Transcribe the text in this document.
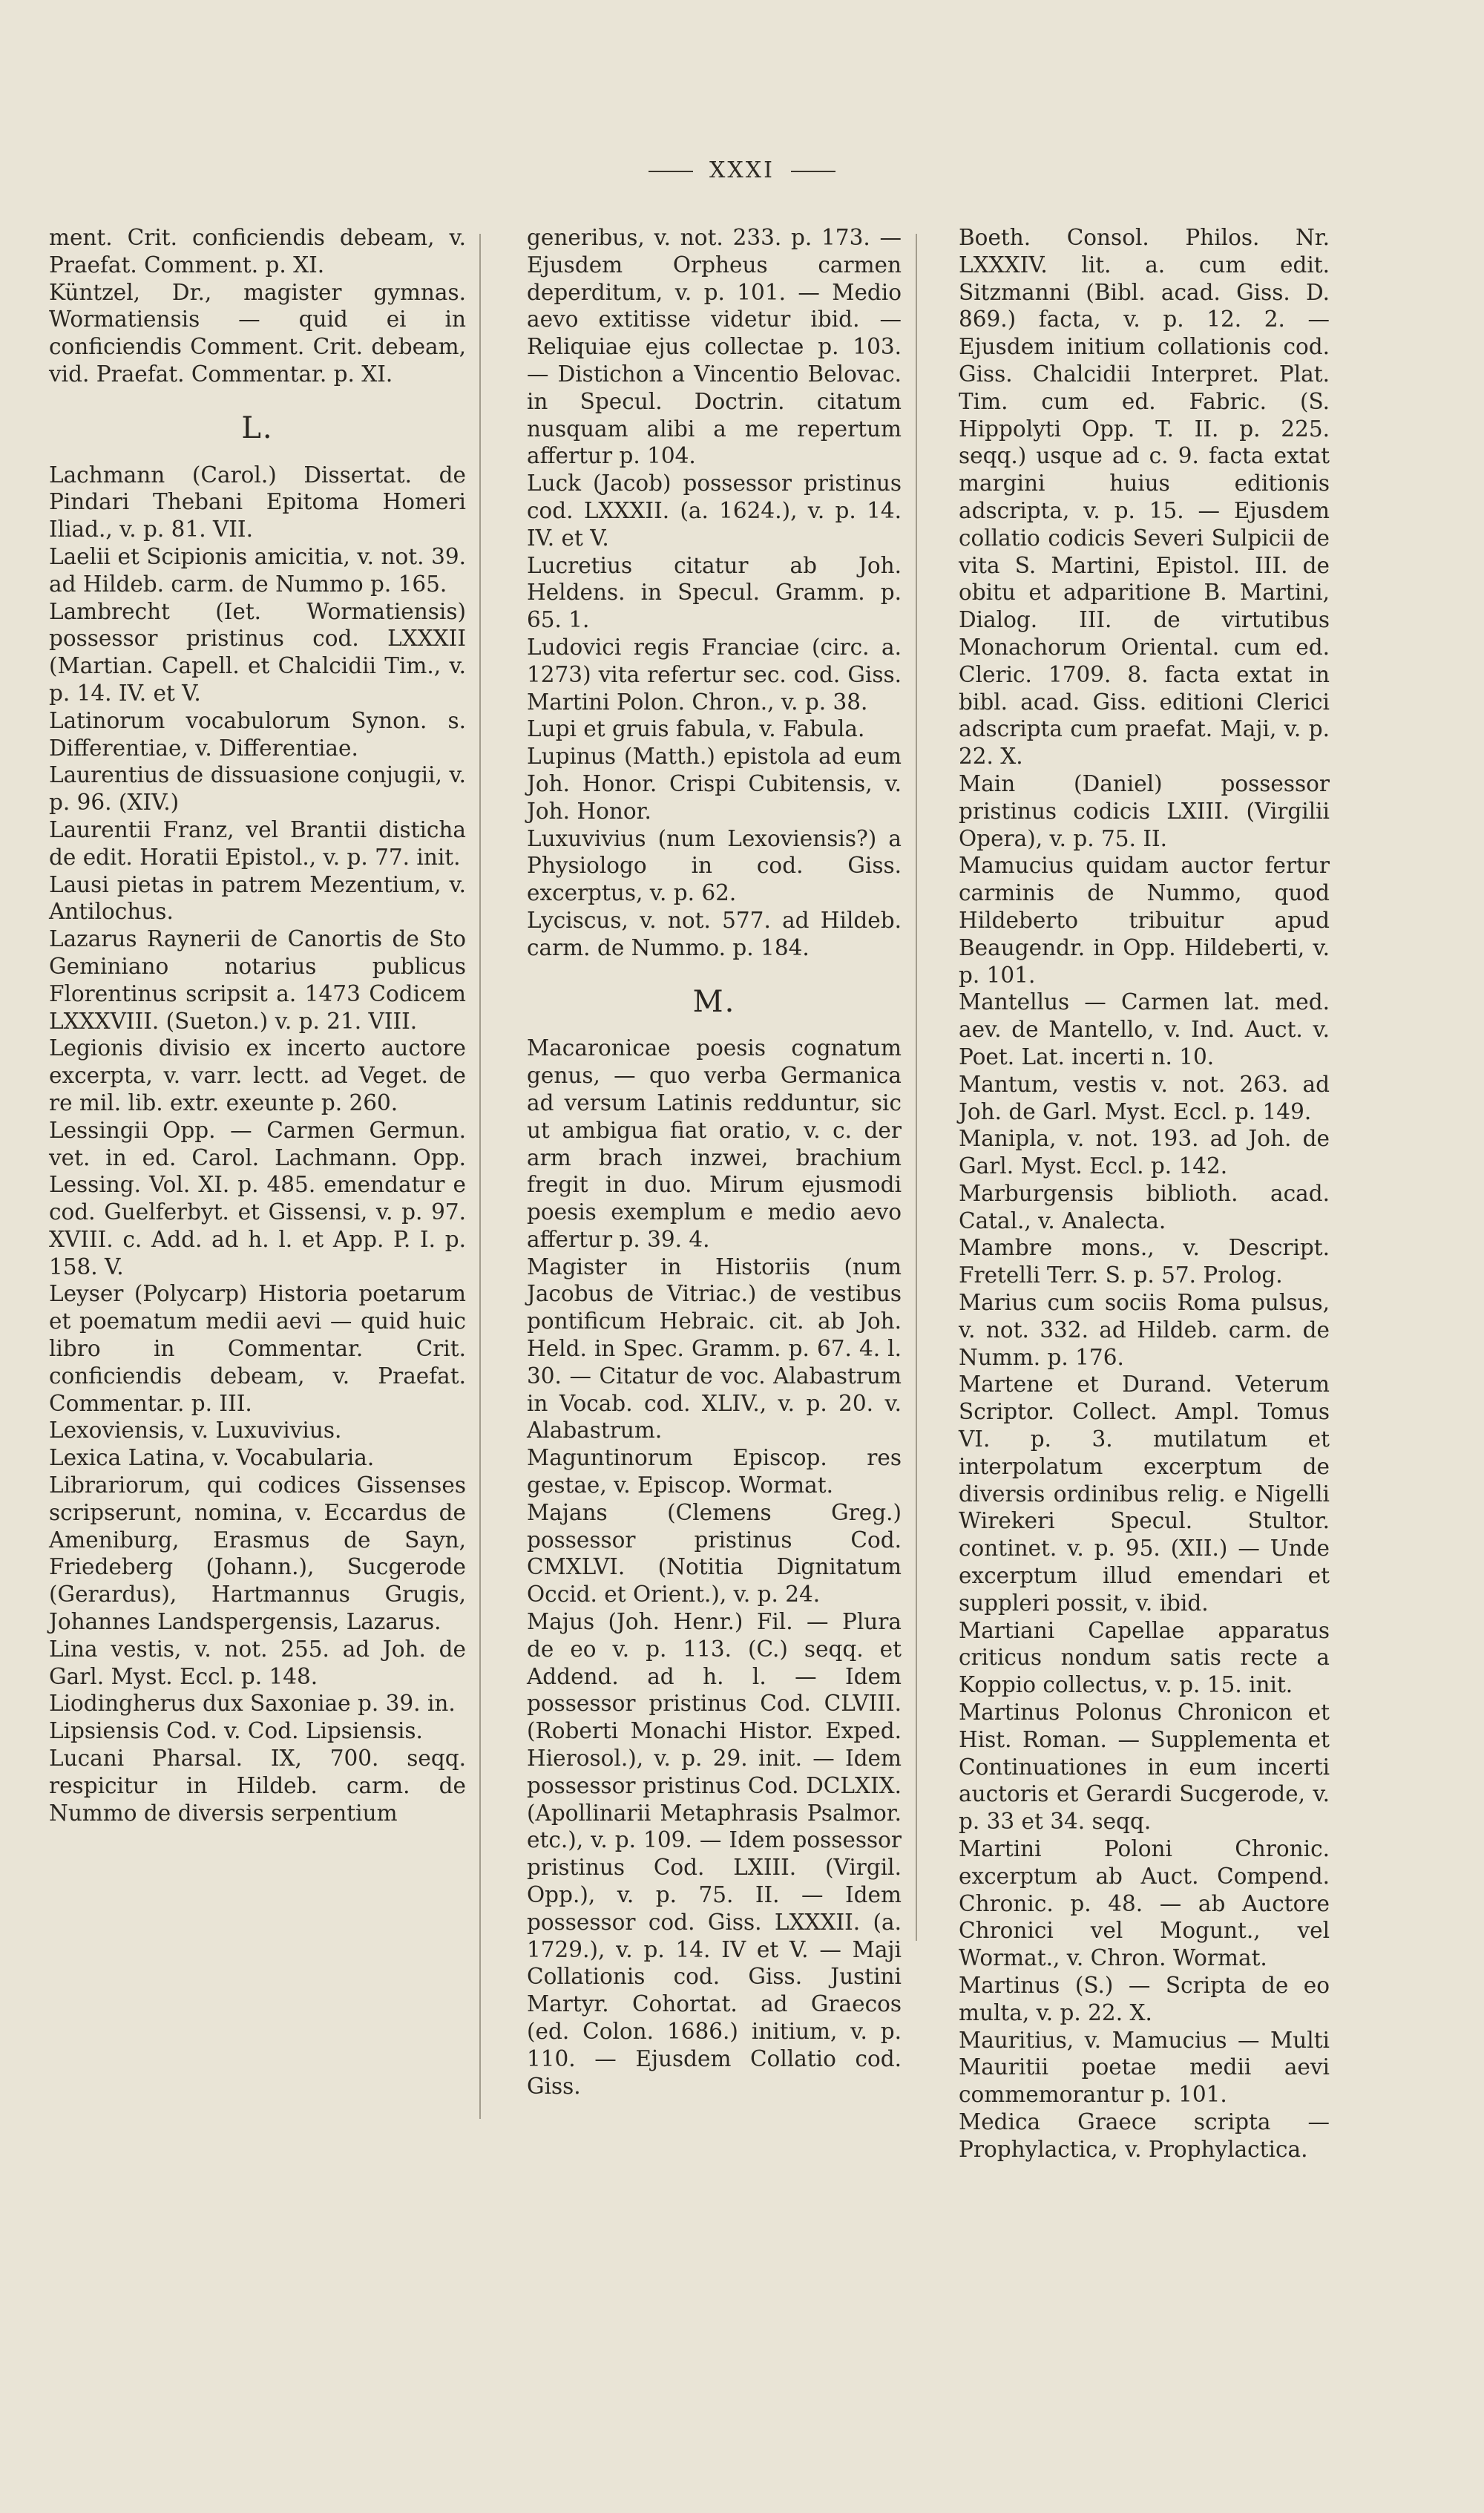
XXXI

ment. Crit. conficiendis debeam, v. Praefat. Comment. p. XI.

Küntzel, Dr., magister gymnas. Wormatiensis — quid ei in conficiendis Comment. Crit. debeam, vid. Praefat. Commentar. p. XI.

L.

Lachmann (Carol.) Dissertat. de Pindari Thebani Epitoma Homeri Iliad., v. p. 81. VII.

Laelii et Scipionis amicitia, v. not. 39. ad Hildeb. carm. de Nummo p. 165.

Lambrecht (Iet. Wormatiensis) possessor pristinus cod. LXXXII (Martian. Capell. et Chalcidii Tim., v. p. 14. IV. et V.

Latinorum vocabulorum Synon. s. Differentiae, v. Differentiae.

Laurentius de dissuasione conjugii, v. p. 96. (XIV.)

Laurentii Franz, vel Brantii disticha de edit. Horatii Epistol., v. p. 77. init.

Lausi pietas in patrem Mezentium, v. Antilochus.

Lazarus Raynerii de Canortis de Sto Geminiano notarius publicus Florentinus scripsit a. 1473 Codicem LXXXVIII. (Sueton.) v. p. 21. VIII.

Legionis divisio ex incerto auctore excerpta, v. varr. lectt. ad Veget. de re mil. lib. extr. exeunte p. 260.

Lessingii Opp. — Carmen Germun. vet. in ed. Carol. Lachmann. Opp. Lessing. Vol. XI. p. 485. emendatur e cod. Guelferbyt. et Gissensi, v. p. 97. XVIII. c. Add. ad h. l. et App. P. I. p. 158. V.

Leyser (Polycarp) Historia poetarum et poematum medii aevi — quid huic libro in Commentar. Crit. conficiendis debeam, v. Praefat. Commentar. p. III.

Lexoviensis, v. Luxuvivius.

Lexica Latina, v. Vocabularia.

Librariorum, qui codices Gissenses scripserunt, nomina, v. Eccardus de Ameniburg, Erasmus de Sayn, Friedeberg (Johann.), Sucgerode (Gerardus), Hartmannus Grugis, Johannes Landspergensis, Lazarus.

Lina vestis, v. not. 255. ad Joh. de Garl. Myst. Eccl. p. 148.

Liodingherus dux Saxoniae p. 39. in.

Lipsiensis Cod. v. Cod. Lipsiensis.

Lucani Pharsal. IX, 700. seqq. respicitur in Hildeb. carm. de Nummo de diversis serpentium

generibus, v. not. 233. p. 173. — Ejusdem Orpheus carmen deperditum, v. p. 101. — Medio aevo extitisse videtur ibid. — Reliquiae ejus collectae p. 103. — Distichon a Vincentio Belovac. in Specul. Doctrin. citatum nusquam alibi a me repertum affertur p. 104.

Luck (Jacob) possessor pristinus cod. LXXXII. (a. 1624.), v. p. 14. IV. et V.

Lucretius citatur ab Joh. Heldens. in Specul. Gramm. p. 65. 1.

Ludovici regis Franciae (circ. a. 1273) vita refertur sec. cod. Giss. Martini Polon. Chron., v. p. 38.

Lupi et gruis fabula, v. Fabula.

Lupinus (Matth.) epistola ad eum Joh. Honor. Crispi Cubitensis, v. Joh. Honor.

Luxuvivius (num Lexoviensis?) a Physiologo in cod. Giss. excerptus, v. p. 62.

Lyciscus, v. not. 577. ad Hildeb. carm. de Nummo. p. 184.

M.

Macaronicae poesis cognatum genus, — quo verba Germanica ad versum Latinis redduntur, sic ut ambigua fiat oratio, v. c. der arm brach inzwei, brachium fregit in duo. Mirum ejusmodi poesis exemplum e medio aevo affertur p. 39. 4.

Magister in Historiis (num Jacobus de Vitriac.) de vestibus pontificum Hebraic. cit. ab Joh. Held. in Spec. Gramm. p. 67. 4. l. 30. — Citatur de voc. Alabastrum in Vocab. cod. XLIV., v. p. 20. v. Alabastrum.

Maguntinorum Episcop. res gestae, v. Episcop. Wormat.

Majans (Clemens Greg.) possessor pristinus Cod. CMXLVI. (Notitia Dignitatum Occid. et Orient.), v. p. 24.

Majus (Joh. Henr.) Fil. — Plura de eo v. p. 113. (C.) seqq. et Addend. ad h. l. — Idem possessor pristinus Cod. CLVIII. (Roberti Monachi Histor. Exped. Hierosol.), v. p. 29. init. — Idem possessor pristinus Cod. DCLXIX. (Apollinarii Metaphrasis Psalmor. etc.), v. p. 109. — Idem possessor pristinus Cod. LXIII. (Virgil. Opp.), v. p. 75. II. — Idem possessor cod. Giss. LXXXII. (a. 1729.), v. p. 14. IV et V. — Maji Collationis cod. Giss. Justini Martyr. Cohortat. ad Graecos (ed. Colon. 1686.) initium, v. p. 110. — Ejusdem Collatio cod. Giss.

Boeth. Consol. Philos. Nr. LXXXIV. lit. a. cum edit. Sitzmanni (Bibl. acad. Giss. D. 869.) facta, v. p. 12. 2. — Ejusdem initium collationis cod. Giss. Chalcidii Interpret. Plat. Tim. cum ed. Fabric. (S. Hippolyti Opp. T. II. p. 225. seqq.) usque ad c. 9. facta extat margini huius editionis adscripta, v. p. 15. — Ejusdem collatio codicis Severi Sulpicii de vita S. Martini, Epistol. III. de obitu et adparitione B. Martini, Dialog. III. de virtutibus Monachorum Oriental. cum ed. Cleric. 1709. 8. facta extat in bibl. acad. Giss. editioni Clerici adscripta cum praefat. Maji, v. p. 22. X.

Main (Daniel) possessor pristinus codicis LXIII. (Virgilii Opera), v. p. 75. II.

Mamucius quidam auctor fertur carminis de Nummo, quod Hildeberto tribuitur apud Beaugendr. in Opp. Hildeberti, v. p. 101.

Mantellus — Carmen lat. med. aev. de Mantello, v. Ind. Auct. v. Poet. Lat. incerti n. 10.

Mantum, vestis v. not. 263. ad Joh. de Garl. Myst. Eccl. p. 149.

Manipla, v. not. 193. ad Joh. de Garl. Myst. Eccl. p. 142.

Marburgensis biblioth. acad. Catal., v. Analecta.

Mambre mons., v. Descript. Fretelli Terr. S. p. 57. Prolog.

Marius cum sociis Roma pulsus, v. not. 332. ad Hildeb. carm. de Numm. p. 176.

Martene et Durand. Veterum Scriptor. Collect. Ampl. Tomus VI. p. 3. mutilatum et interpolatum excerptum de diversis ordinibus relig. e Nigelli Wirekeri Specul. Stultor. continet. v. p. 95. (XII.) — Unde excerptum illud emendari et suppleri possit, v. ibid.

Martiani Capellae apparatus criticus nondum satis recte a Koppio collectus, v. p. 15. init.

Martinus Polonus Chronicon et Hist. Roman. — Supplementa et Continuationes in eum incerti auctoris et Gerardi Sucgerode, v. p. 33 et 34. seqq.

Martini Poloni Chronic. excerptum ab Auct. Compend. Chronic. p. 48. — ab Auctore Chronici vel Mogunt., vel Wormat., v. Chron. Wormat.

Martinus (S.) — Scripta de eo multa, v. p. 22. X.

Mauritius, v. Mamucius — Multi Mauritii poetae medii aevi commemorantur p. 101.

Medica Graece scripta — Prophylactica, v. Prophylactica.
